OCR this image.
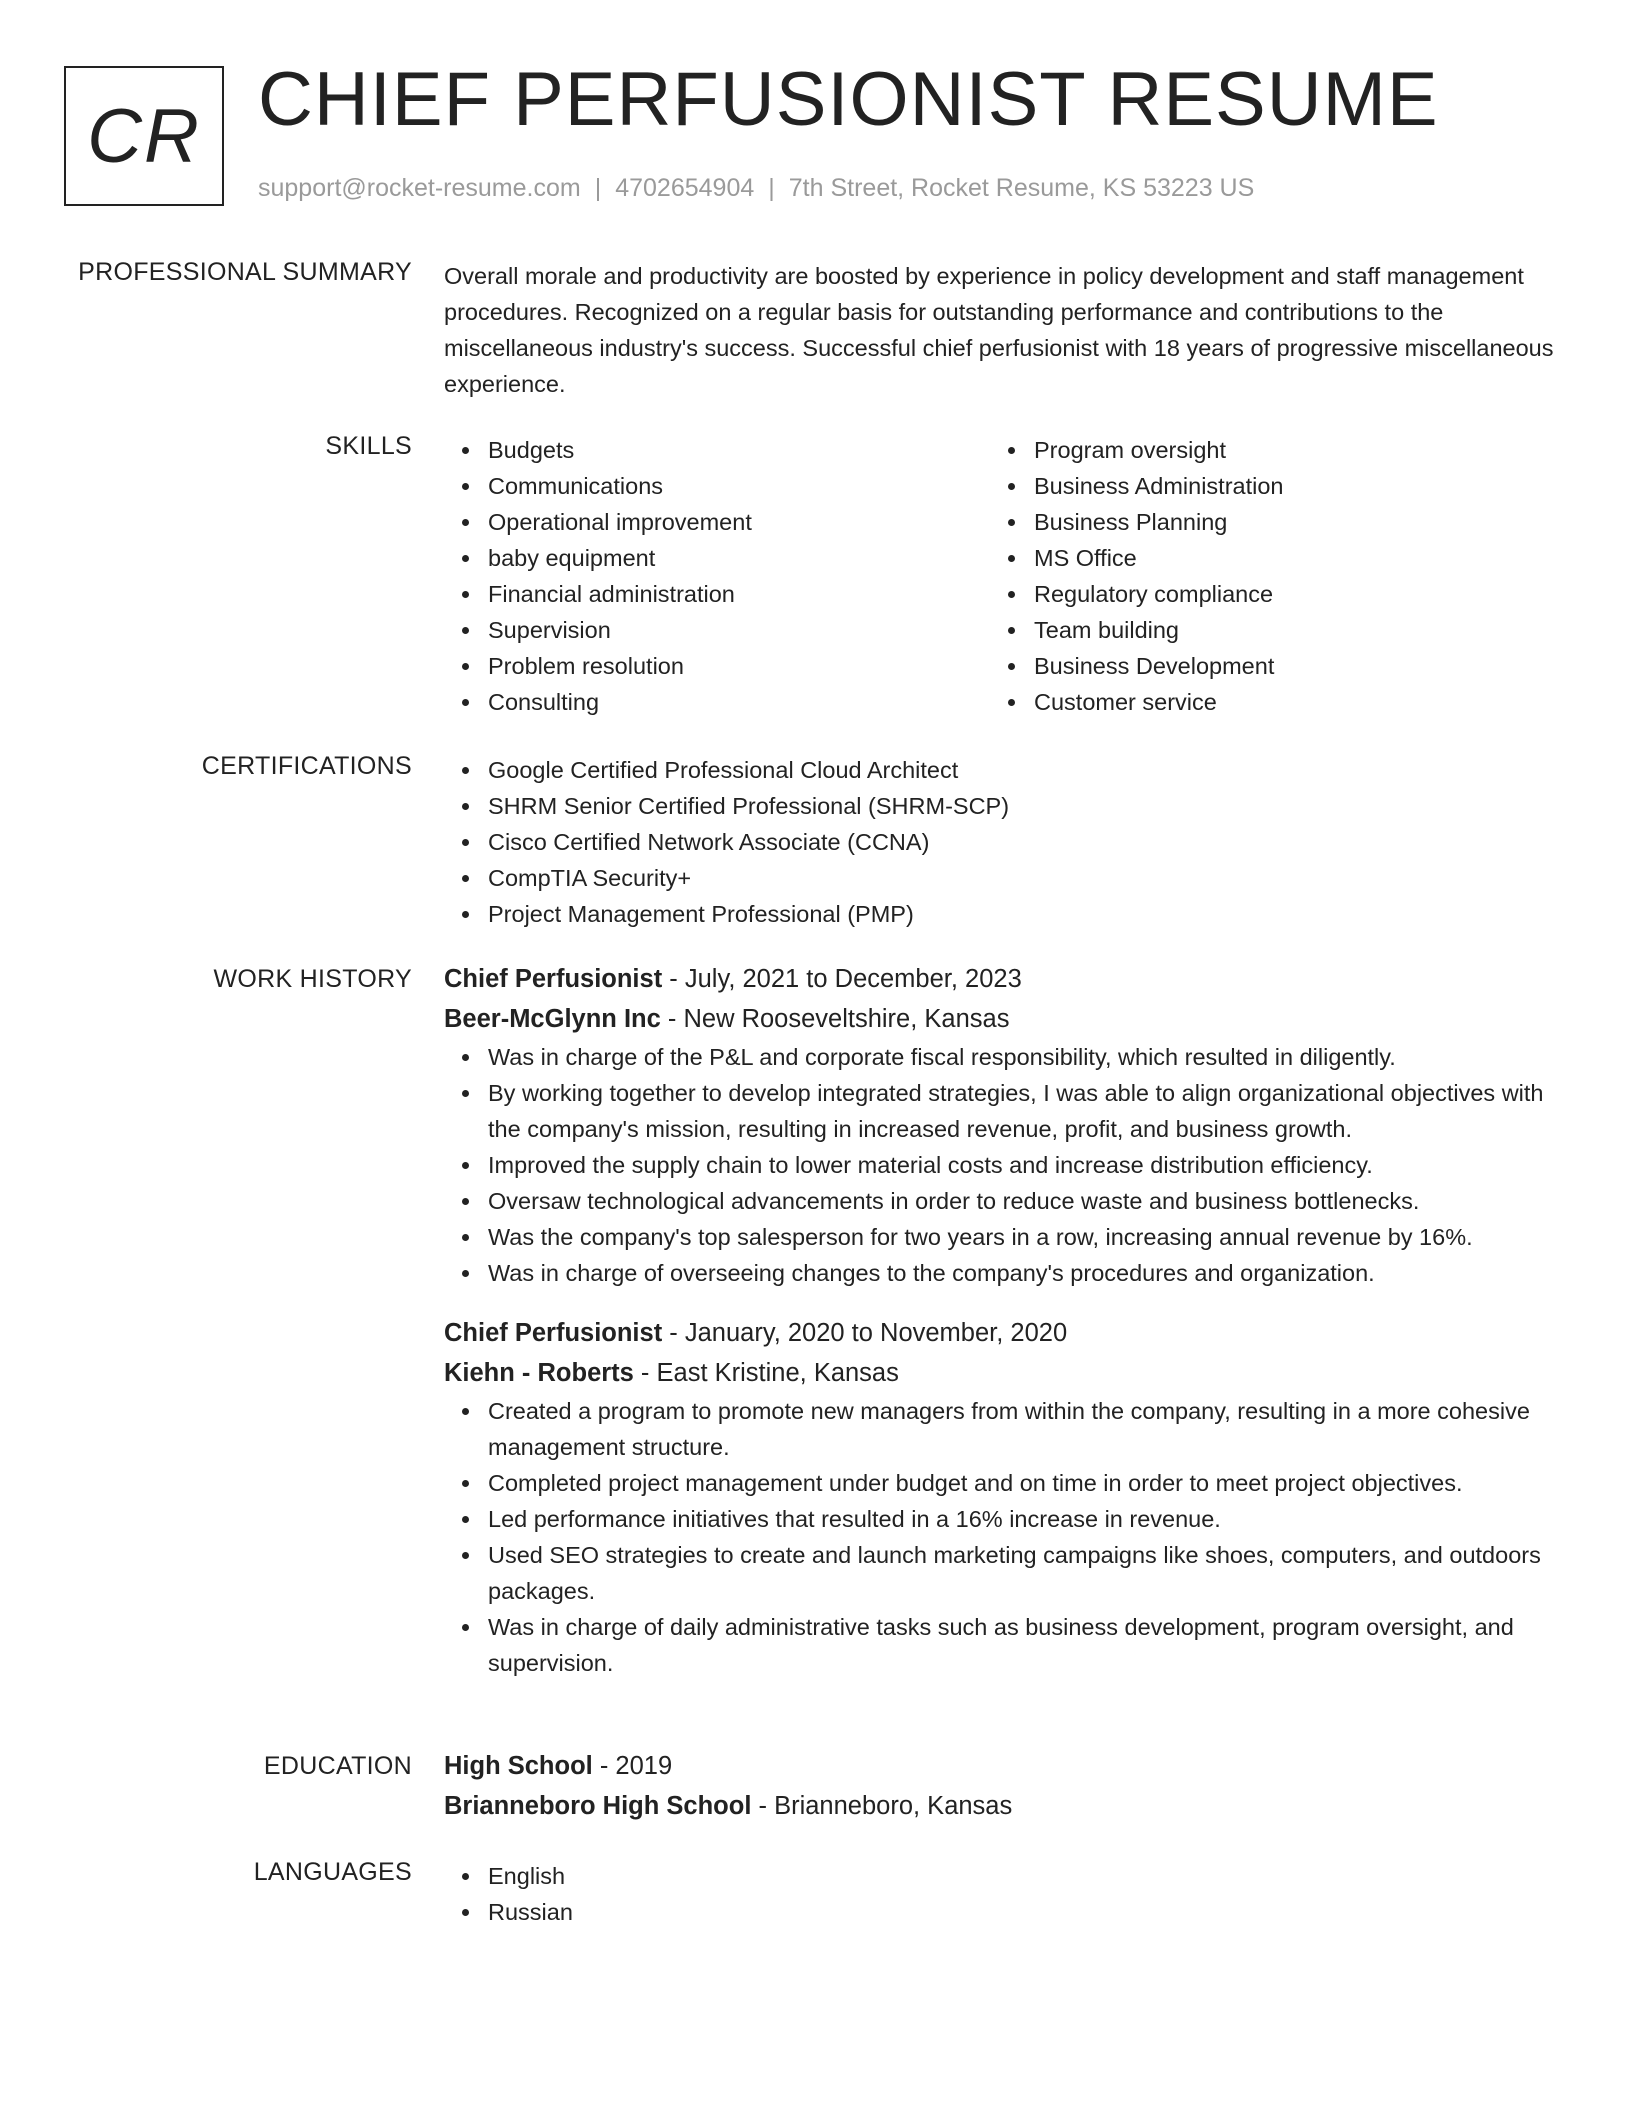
CR CHIEF PERFUSIONIST RESUME
support@rocket-resume.com | 4702654904 | 7th Street, Rocket Resume, KS 53223 US
PROFESSIONAL SUMMARY Overall morale and productivity are boosted by experience in policy development and staff management procedures. Recognized on a regular basis for outstanding performance and contributions to the miscellaneous industry's success. Successful chief perfusionist with 18 years of progressive miscellaneous experience.
SKILLS	Budgets
Communications
Operational improvement
baby equipment
Financial administration
Supervision
Problem resolution
Consulting
Program oversight
Business Administration
Business Planning
MS Office
Regulatory compliance
Team building
Business Development
Customer service
CERTIFICATIONS	Google Certified Professional Cloud Architect
SHRM Senior Certified Professional (SHRM-SCP)
Cisco Certified Network Associate (CCNA)
CompTIA Security+
Project Management Professional (PMP)
WORK HISTORY Chief Perfusionist - July, 2021 to December, 2023
Beer-McGlynn Inc - New Rooseveltshire, Kansas
Was in charge of the P&L and corporate fiscal responsibility, which resulted in diligently.
By working together to develop integrated strategies, I was able to align organizational objectives with the company's mission, resulting in increased revenue, profit, and business growth.
Improved the supply chain to lower material costs and increase distribution efficiency.
Oversaw technological advancements in order to reduce waste and business bottlenecks.
Was the company's top salesperson for two years in a row, increasing annual revenue by 16%.
Was in charge of overseeing changes to the company's procedures and organization.
Chief Perfusionist - January, 2020 to November, 2020
Kiehn - Roberts - East Kristine, Kansas
Created a program to promote new managers from within the company, resulting in a more cohesive management structure.
Completed project management under budget and on time in order to meet project objectives.
Led performance initiatives that resulted in a 16% increase in revenue.
Used SEO strategies to create and launch marketing campaigns like shoes, computers, and outdoors packages.
Was in charge of daily administrative tasks such as business development, program oversight, and supervision.
EDUCATION High School - 2019
Brianneboro High School - Brianneboro, Kansas
LANGUAGES	English
Russian
